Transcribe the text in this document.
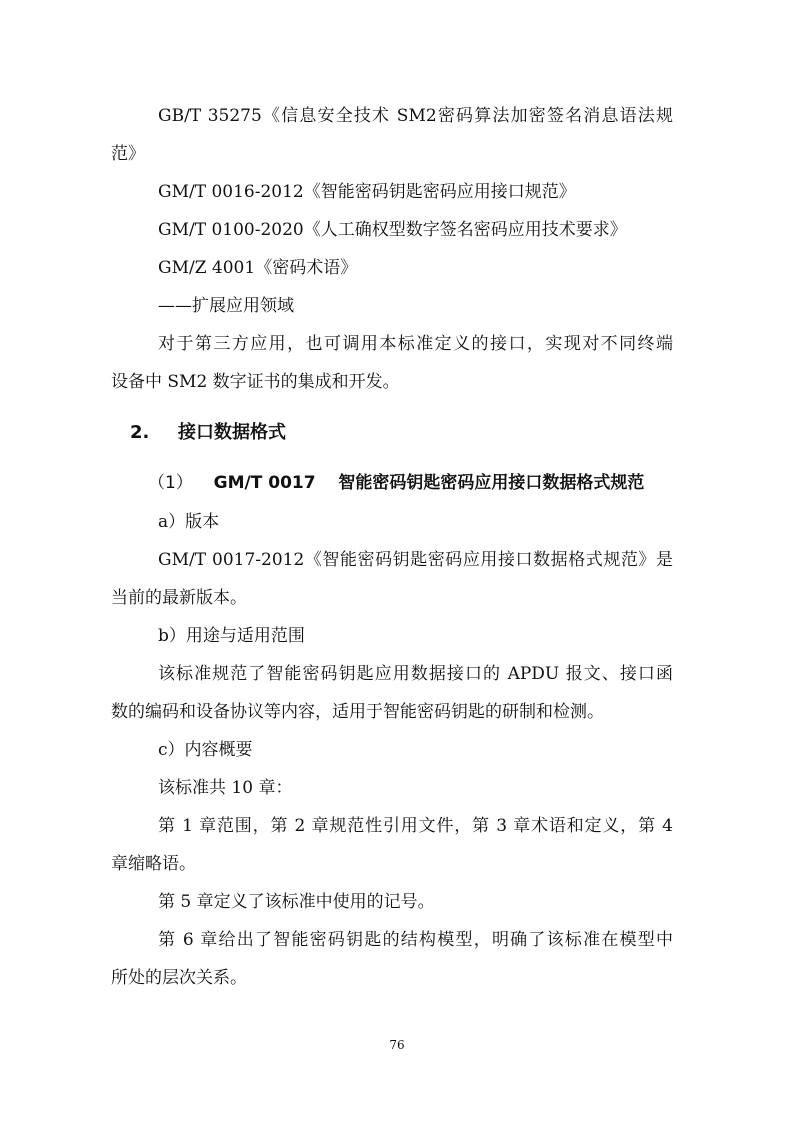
GB/T 35275《信息安全技术 SM2密码算法加密签名消息语法规
范》
GM/T 0016-2012《智能密码钥匙密码应用接口规范》
GM/T 0100-2020《人工确权型数字签名密码应用技术要求》
GM/Z 4001《密码术语》
——扩展应用领域
对于第三方应用，也可调用本标准定义的接口，实现对不同终端
设备中 SM2 数字证书的集成和开发。
2. 接口数据格式
（1） GM/T 0017 智能密码钥匙密码应用接口数据格式规范
a）版本
GM/T 0017-2012《智能密码钥匙密码应用接口数据格式规范》是
当前的最新版本。
b）用途与适用范围
该标准规范了智能密码钥匙应用数据接口的 APDU 报文、接口函
数的编码和设备协议等内容，适用于智能密码钥匙的研制和检测。
c）内容概要
该标准共 10 章：
第 1 章范围，第 2 章规范性引用文件，第 3 章术语和定义，第 4
章缩略语。
第 5 章定义了该标准中使用的记号。
第 6 章给出了智能密码钥匙的结构模型，明确了该标准在模型中
所处的层次关系。
76
